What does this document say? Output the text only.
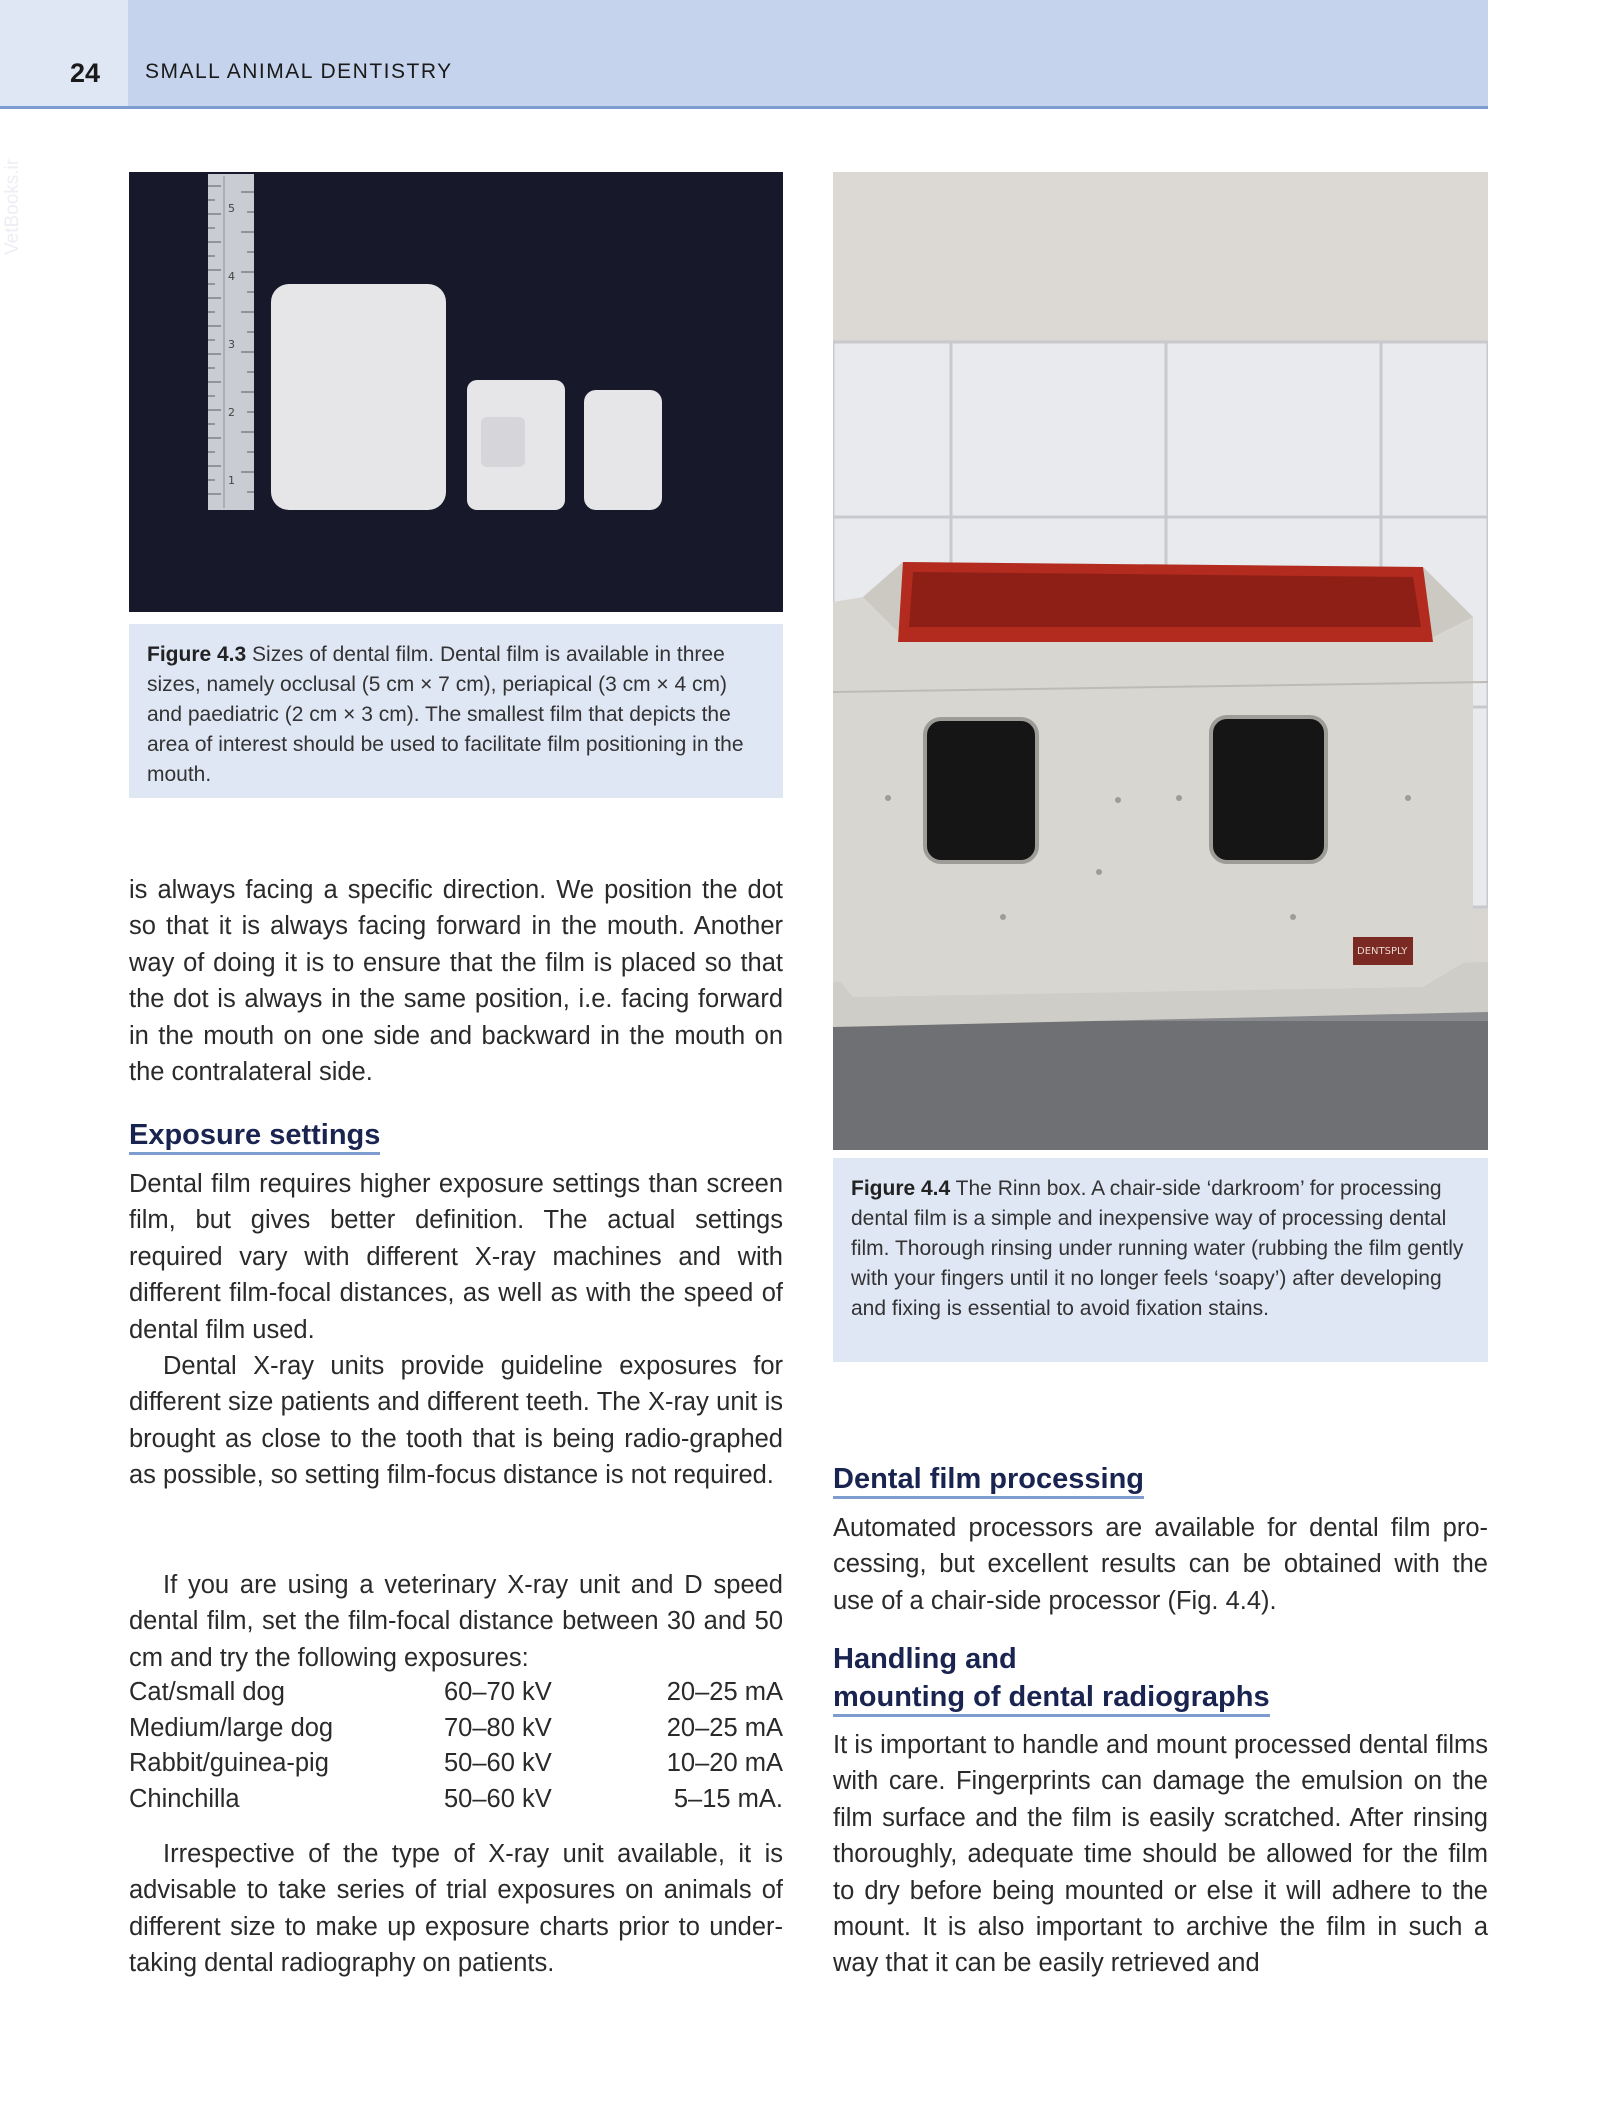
24 SMALL ANIMAL DENTISTRY
VetBooks.ir	5
4
3
2
1
Figure 4.3 Sizes of dental film. Dental film is available in three sizes, namely occlusal (5 cm × 7 cm), periapical (3 cm × 4 cm) and paediatric (2 cm × 3 cm). The smallest film that depicts the area of interest should be used to facilitate film positioning in the mouth.
DENTSPLY
Figure 4.4 The Rinn box. A chair-side ‘darkroom’ for processing dental film is a simple and inexpensive way of processing dental film. Thorough rinsing under running water (rubbing the film gently with your fingers until it no longer feels ‘soapy’) after developing and fixing is essential to avoid fixation stains.

is always facing a specific direction. We position the dot so that it is always facing forward in the mouth. Another way of doing it is to ensure that the film is placed so that the dot is always in the same position, i.e. facing forward in the mouth on one side and backward in the mouth on the contralateral side.

Exposure settings

Dental film requires higher exposure settings than screen film, but gives better definition. The actual settings required vary with different X-ray machines and with different film-focal distances, as well as with the speed of dental film used.

Dental X-ray units provide guideline exposures for different size patients and different teeth. The X-ray unit is brought as close to the tooth that is being radio-graphed as possible, so setting film-focus distance is not required.

If you are using a veterinary X-ray unit and D speed dental film, set the film-focal distance between 30 and 50 cm and try the following exposures:

Cat/small dog	60–70 kV	20–25 mA
Medium/large dog	70–80 kV	20–25 mA
Rabbit/guinea-pig	50–60 kV	10–20 mA
Chinchilla	50–60 kV	5–15 mA.

Irrespective of the type of X-ray unit available, it is advisable to take series of trial exposures on animals of different size to make up exposure charts prior to under-taking dental radiography on patients.

Dental film processing

Automated processors are available for dental film pro-cessing, but excellent results can be obtained with the use of a chair-side processor (Fig. 4.4).

Handling and
mounting of dental radiographs

It is important to handle and mount processed dental films with care. Fingerprints can damage the emulsion on the film surface and the film is easily scratched. After rinsing thoroughly, adequate time should be allowed for the film to dry before being mounted or else it will adhere to the mount. It is also important to archive the film in such a way that it can be easily retrieved and
